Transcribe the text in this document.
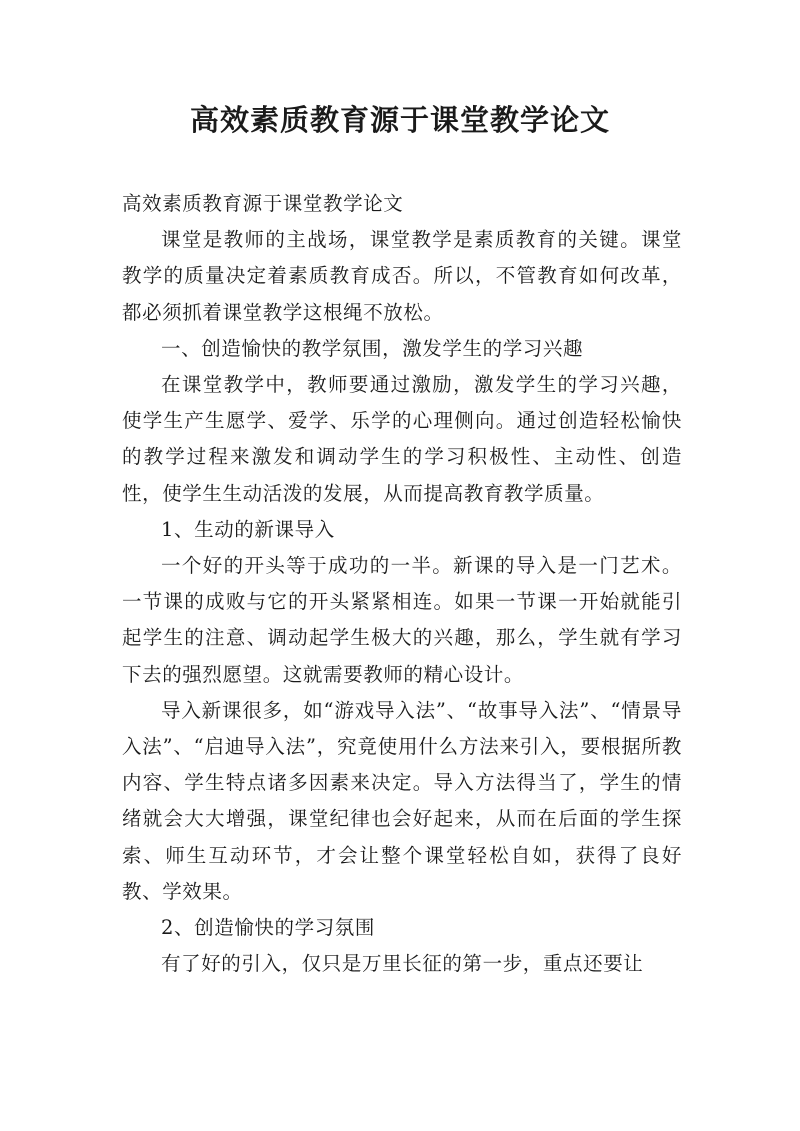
高效素质教育源于课堂教学论文

高效素质教育源于课堂教学论文

课堂是教师的主战场，课堂教学是素质教育的关键。课堂教学的质量决定着素质教育成否。所以，不管教育如何改革，都必须抓着课堂教学这根绳不放松。

一、创造愉快的教学氛围，激发学生的学习兴趣

在课堂教学中，教师要通过激励，激发学生的学习兴趣，使学生产生愿学、爱学、乐学的心理侧向。通过创造轻松愉快的教学过程来激发和调动学生的学习积极性、主动性、创造性，使学生生动活泼的发展，从而提高教育教学质量。

1、生动的新课导入

一个好的开头等于成功的一半。新课的导入是一门艺术。一节课的成败与它的开头紧紧相连。如果一节课一开始就能引起学生的注意、调动起学生极大的兴趣，那么，学生就有学习下去的强烈愿望。这就需要教师的精心设计。

导入新课很多，如“游戏导入法”、“故事导入法”、“情景导入法”、“启迪导入法”，究竟使用什么方法来引入，要根据所教内容、学生特点诸多因素来决定。导入方法得当了，学生的情绪就会大大增强，课堂纪律也会好起来，从而在后面的学生探索、师生互动环节，才会让整个课堂轻松自如，获得了良好教、学效果。

2、创造愉快的学习氛围

有了好的引入，仅只是万里长征的第一步，重点还要让
